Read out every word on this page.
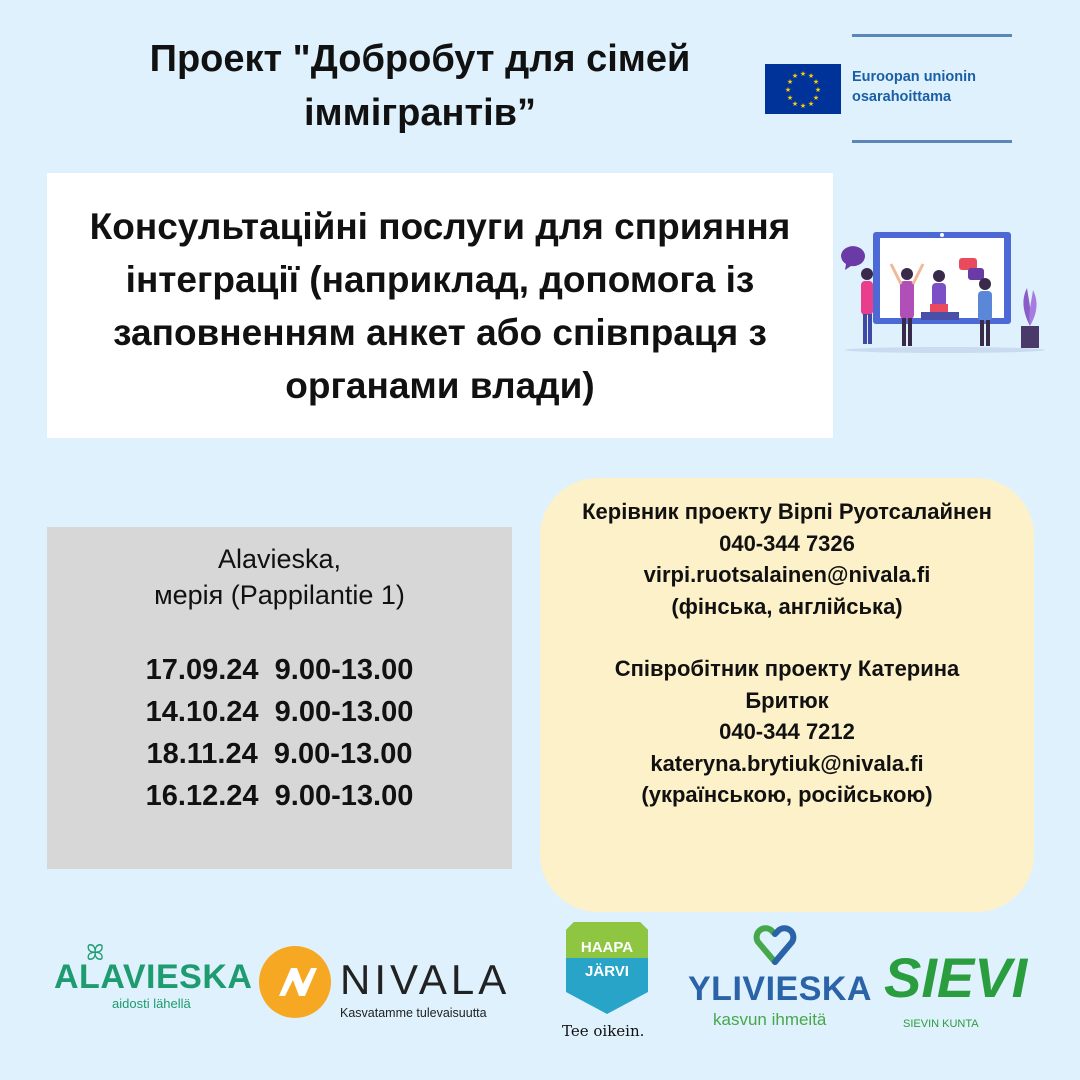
Проект "Добробут для сімей
іммігрантів”
★ ★
★
★
★
★
★
★
★
★
★
★	Euroopan unionin
osarahoittama
Консультаційні послуги для сприяння
інтеграції (наприклад, допомога із
заповненням анкет або співпраця з
органами влади)
Alavieska,
мерія (Pappilantie 1)
17.09.24  9.00-13.00
14.10.24  9.00-13.00
18.11.24  9.00-13.00
16.12.24  9.00-13.00
Керівник проекту Вірпі Руотсалайнен
040-344 7326
virpi.ruotsalainen@nivala.fi
(фінська, англійська)
Співробітник проекту Катерина
Бритюк
040-344 7212
kateryna.brytiuk@nivala.fi
(українською, російською)
ꕤ
ALAVIESKA
aidosti lähellä
NIVALA
Kasvatamme tulevaisuutta
HAAPA
JÄRVI
Tee oikein.
YLIVIESKA
kasvun ihmeitä
SIEVI
SIEVIN KUNTA
